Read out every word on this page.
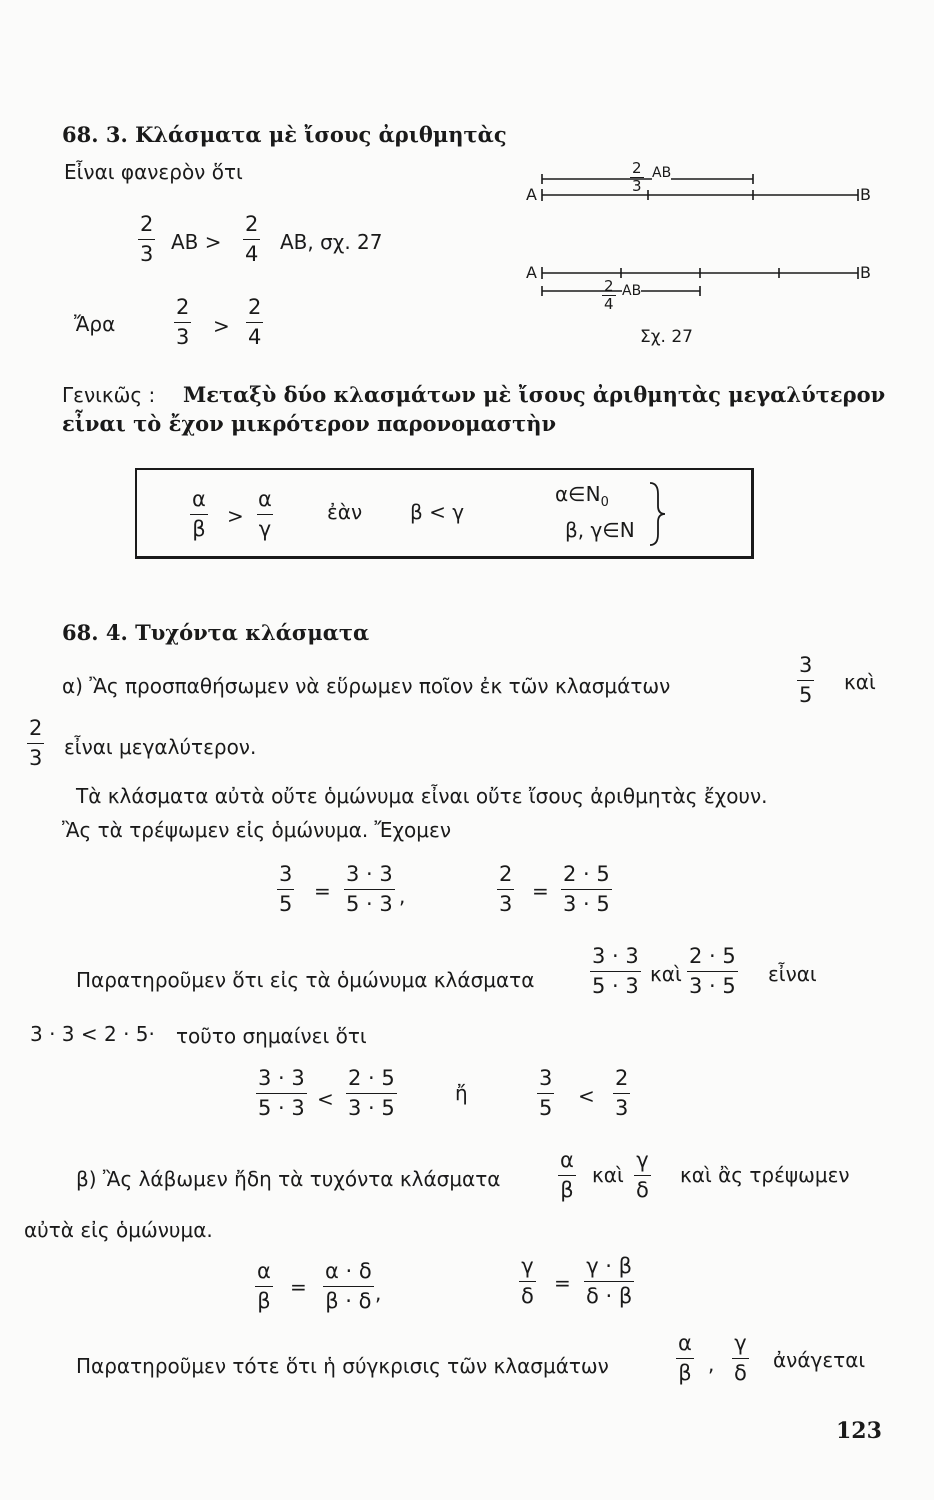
68. 3. Κλάσματα μὲ ἴσους ἀριθμητὰς
Εἶναι φανερὸν ὅτι
$\frac{2}{3}$ AB > $\frac{2}{4}$ AB, σχ. 27
Ἄρα	$\frac{2}{3} > \frac{2}{4}$
A	B
$\frac{2}{3}$ AB
A	B
$\frac{2}{4}$ AB
Σχ. 27
Γενικῶς : Μεταξὺ δύο κλασμάτων μὲ ἴσους ἀριθμητὰς μεγαλύτερον
εἶναι τὸ ἔχον μικρότερον παρονομαστὴν
$\frac{\alpha}{\beta} > \frac{\alpha}{\gamma}$	ἐὰν β < γ
$\alpha\in N_0$
β, γ∈N
68. 4. Τυχόντα κλάσματα
α) Ἂς προσπαθήσωμεν νὰ εὕρωμεν ποῖον ἐκ τῶν κλασμάτων	$\frac{3}{5}$ καὶ
$\frac{2}{3}$ εἶναι μεγαλύτερον.
Τὰ κλάσματα αὐτὰ οὔτε ὁμώνυμα εἶναι οὔτε ἴσους ἀριθμητὰς ἔχουν.
Ἂς τὰ τρέψωμεν εἰς ὁμώνυμα. Ἔχομεν
$\frac{3}{5} = \frac{3 \cdot 3}{5 \cdot 3}$ ,	$\frac{2}{3} = \frac{2 \cdot 5}{3 \cdot 5}$
Παρατηροῦμεν ὅτι εἰς τὰ ὁμώνυμα κλάσματα	$\frac{3 \cdot 3}{5 \cdot 3}$ καὶ $\frac{2 \cdot 5}{3 \cdot 5}$ εἶναι
3 · 3 < 2 · 5· τοῦτο σημαίνει ὅτι
$\frac{3 \cdot 3}{5 \cdot 3} < \frac{2 \cdot 5}{3 \cdot 5}$	ἤ	$\frac{3}{5} < \frac{2}{3}$
β) Ἂς λάβωμεν ἤδη τὰ τυχόντα κλάσματα	$\frac{\alpha}{\beta}$ καὶ $\frac{\gamma}{\delta}$ καὶ ἂς τρέψωμεν
αὐτὰ εἰς ὁμώνυμα.
$\frac{\alpha}{\beta} = \frac{\alpha \cdot \delta}{\beta \cdot \delta}$ ,	$\frac{\gamma}{\delta} = \frac{\gamma \cdot \beta}{\delta \cdot \beta}$
Παρατηροῦμεν τότε ὅτι ἡ σύγκρισις τῶν κλασμάτων	$\frac{\alpha}{\beta}$ , $\frac{\gamma}{\delta}$ ἀνάγεται
123
